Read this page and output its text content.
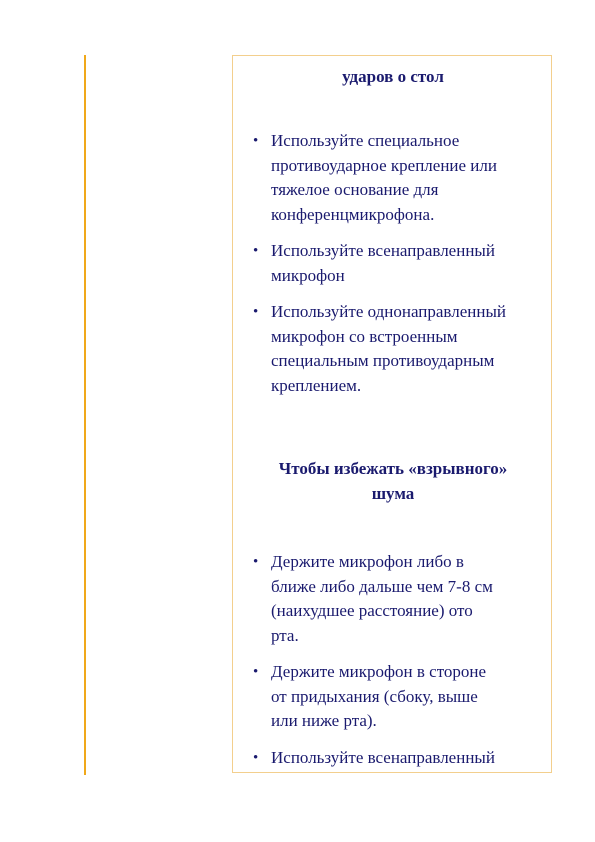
ударов о стол
• Используйте специальное
противоударное крепление или
тяжелое основание для
конференцмикрофона.
• Используйте всенаправленный
микрофон
• Используйте однонаправленный
микрофон со встроенным
специальным противоударным
креплением.
Чтобы избежать «взрывного»
шума
• Держите микрофон либо в
ближе либо дальше чем 7-8 см
(наихудшее расстояние) ото
рта.
• Держите микрофон в стороне
от придыхания (сбоку, выше
или ниже рта).
• Используйте всенаправленный
